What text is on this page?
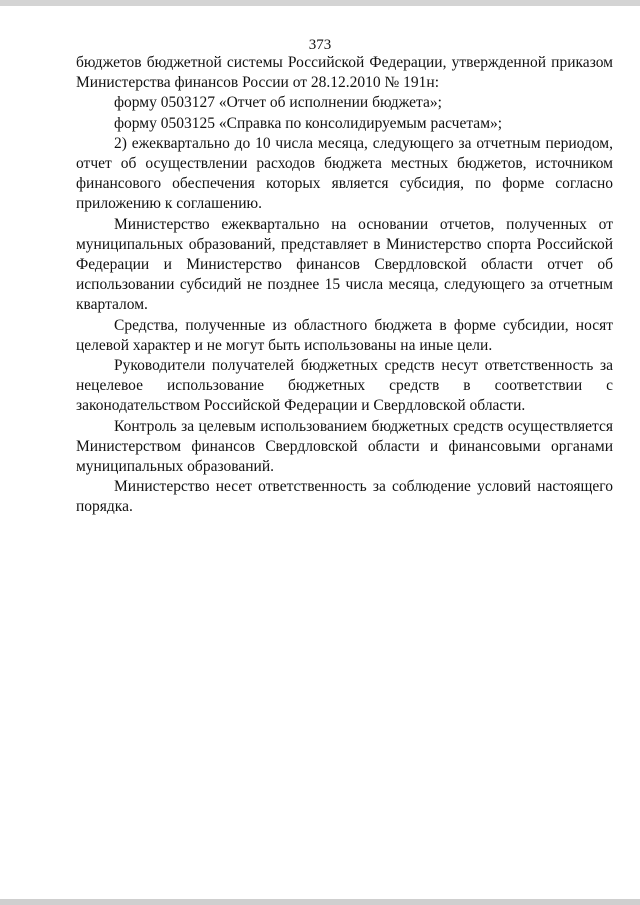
373

бюджетов бюджетной системы Российской Федерации, утвержденной приказом Министерства финансов России от 28.12.2010 № 191н:

форму 0503127 «Отчет об исполнении бюджета»;

форму 0503125 «Справка по консолидируемым расчетам»;

2) ежеквартально до 10 числа месяца, следующего за отчетным периодом, отчет об осуществлении расходов бюджета местных бюджетов, источником финансового обеспечения которых является субсидия, по форме согласно приложению к соглашению.

Министерство ежеквартально на основании отчетов, полученных от муниципальных образований, представляет в Министерство спорта Российской Федерации и Министерство финансов Свердловской области отчет об использовании субсидий не позднее 15 числа месяца, следующего за отчетным кварталом.

Средства, полученные из областного бюджета в форме субсидии, носят целевой характер и не могут быть использованы на иные цели.

Руководители получателей бюджетных средств несут ответственность за нецелевое использование бюджетных средств в соответствии с законодательством Российской Федерации и Свердловской области.

Контроль за целевым использованием бюджетных средств осуществляется Министерством финансов Свердловской области и финансовыми органами муниципальных образований.

Министерство несет ответственность за соблюдение условий настоящего порядка.
